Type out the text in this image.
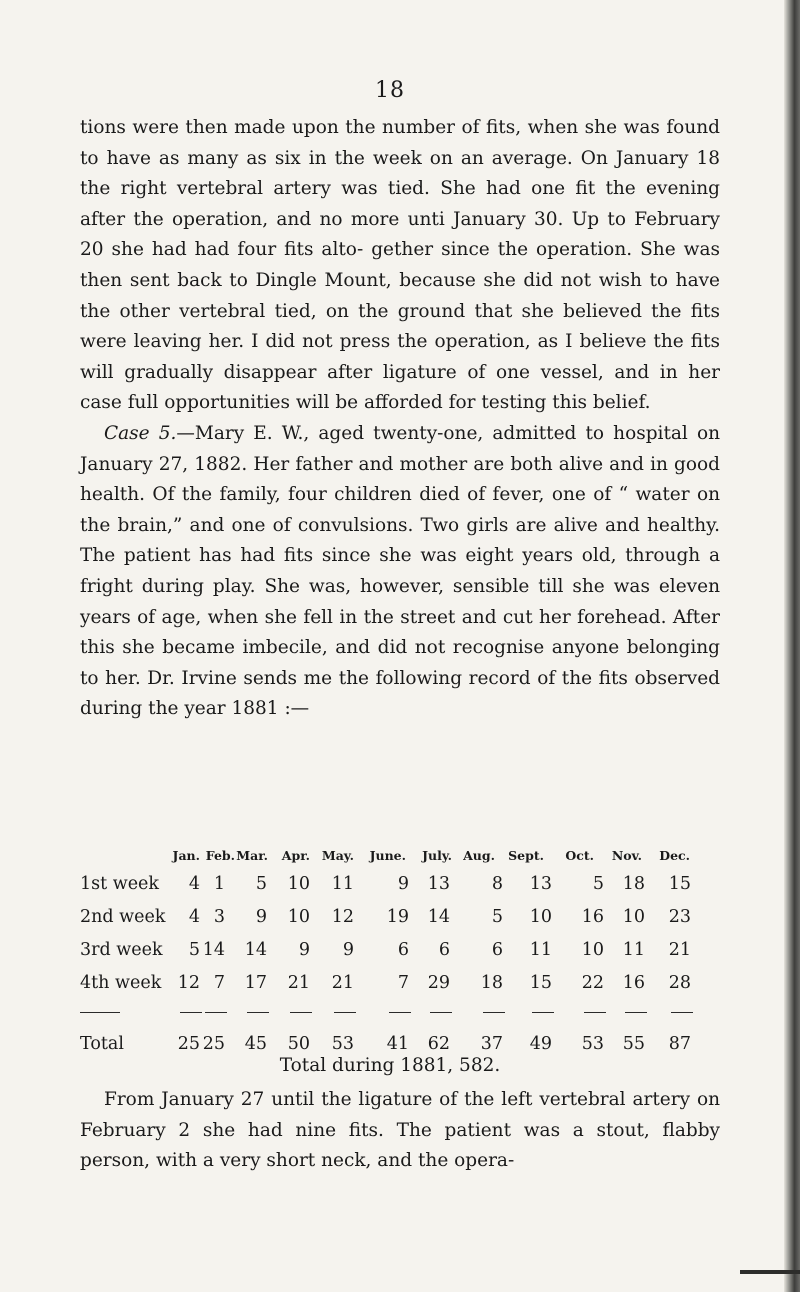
18

tions were then made upon the number of fits, when she was found to have as many as six in the week on an average. On January 18 the right vertebral artery was tied. She had one fit the evening after the operation, and no more unti January 30. Up to February 20 she had had four fits alto- gether since the operation. She was then sent back to Dingle Mount, because she did not wish to have the other vertebral tied, on the ground that she believed the fits were leaving her. I did not press the operation, as I believe the fits will gradually disappear after ligature of one vessel, and in her case full opportunities will be afforded for testing this belief.

Case 5.—Mary E. W., aged twenty-one, admitted to hospital on January 27, 1882. Her father and mother are both alive and in good health. Of the family, four children died of fever, one of “ water on the brain,” and one of convulsions. Two girls are alive and healthy. The patient has had fits since she was eight years old, through a fright during play. She was, however, sensible till she was eleven years of age, when she fell in the street and cut her forehead. After this she became imbecile, and did not recognise anyone belonging to her. Dr. Irvine sends me the following record of the fits observed during the year 1881 :—

Jan. Feb. Mar. Apr. May. June. July. Aug. Sept. Oct. Nov. Dec.
1st week 4 1 5 10 11	9 13 8 13 5 18 15
2nd week 4 3 9 10 12 19 14 5 10 16 10 23
3rd week 5 14 14 9 9	6 6 6 11 10 11 21
4th week 12 7 17 21 21	7 29 18 15 22 16 28
Total	25 25 45 50 53 41 62 37 49 53 55 87
Total during 1881, 582.

From January 27 until the ligature of the left vertebral artery on February 2 she had nine fits. The patient was a stout, flabby person, with a very short neck, and the opera-
